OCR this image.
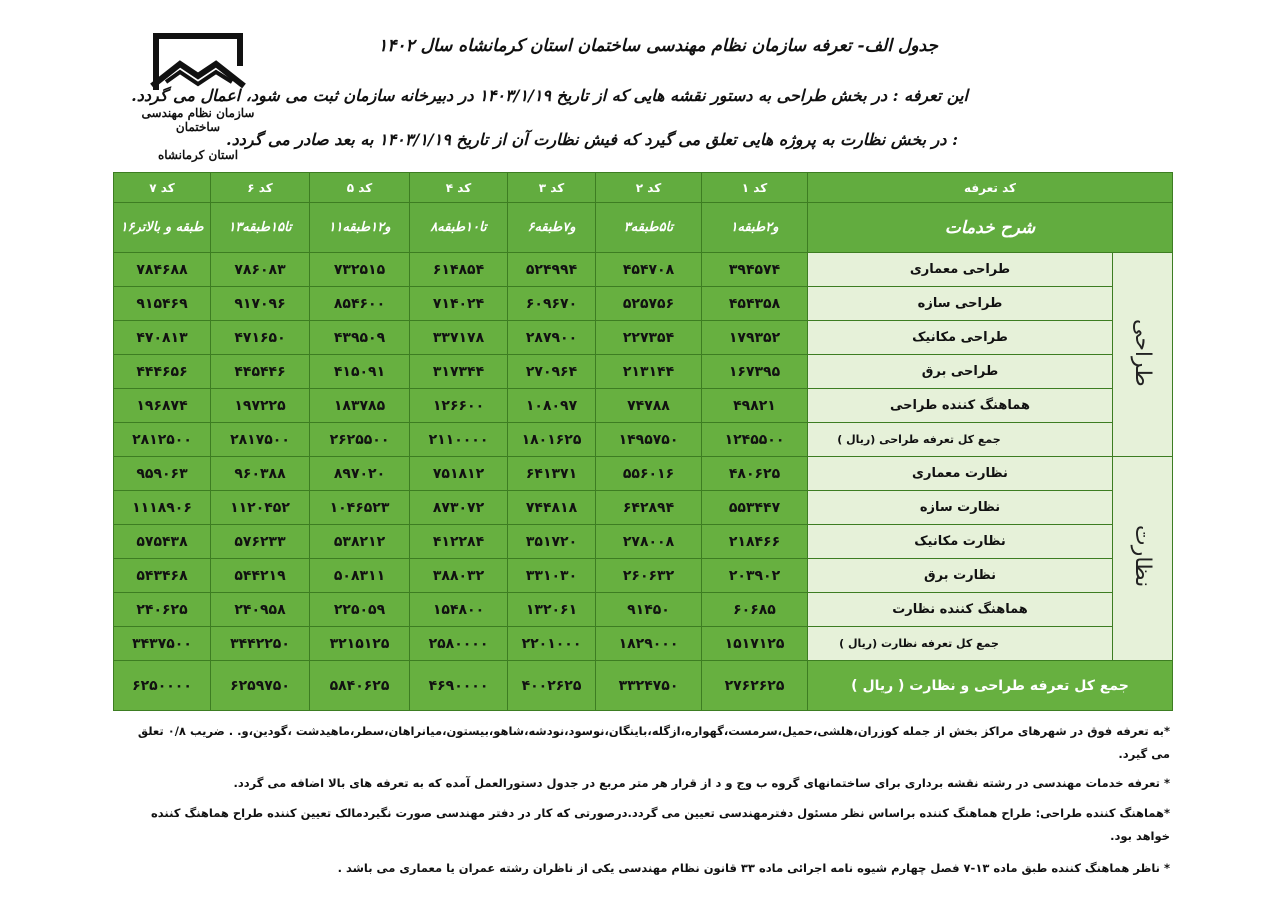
سازمان نظام مهندسی ساختمان
استان کرمانشاه
جدول الف- تعرفه سازمان نظام مهندسی ساختمان استان کرمانشاه سال ۱۴۰۲
این تعرفه : در بخش طراحی به دستور نقشه هایی که از تاریخ ۱۴۰۳/۱/۱۹ در دبیرخانه سازمان ثبت می شود، اعمال می گردد.
: در بخش نظارت به پروژه هایی تعلق می گیرد که فیش نظارت آن از تاریخ ۱۴۰۳/۱/۱۹ به بعد صادر می گردد.
کد ۷	کد ۶	کد ۵	کد ۴	کد ۳	کد ۲	کد ۱	کد تعرفه	
۱۶طبقه و بالاتر	۱۳تا۱۵طبقه	۱۱و۱۲طبقه	۸تا۱۰طبقه	۶و۷طبقه	۳تا۵طبقه	۱و۲طبقه	شرح خدمات	
۷۸۴۶۸۸	۷۸۶۰۸۳	۷۳۲۵۱۵	۶۱۴۸۵۴	۵۲۴۹۹۴	۴۵۴۷۰۸	۳۹۴۵۷۴	طراحی معماری	طراحی
۹۱۵۴۶۹	۹۱۷۰۹۶	۸۵۴۶۰۰	۷۱۴۰۲۴	۶۰۹۶۷۰	۵۲۵۷۵۶	۴۵۴۳۵۸	طراحی سازه	
۴۷۰۸۱۳	۴۷۱۶۵۰	۴۳۹۵۰۹	۳۳۷۱۷۸	۲۸۷۹۰۰	۲۲۷۳۵۴	۱۷۹۳۵۲	طراحی مکانیک	
۴۴۴۶۵۶	۴۴۵۴۴۶	۴۱۵۰۹۱	۳۱۷۳۴۴	۲۷۰۹۶۴	۲۱۳۱۴۴	۱۶۷۳۹۵	طراحی برق	
۱۹۶۸۷۴	۱۹۷۲۲۵	۱۸۳۷۸۵	۱۲۶۶۰۰	۱۰۸۰۹۷	۷۴۷۸۸	۴۹۸۲۱	هماهنگ کننده طراحی	
۲۸۱۲۵۰۰	۲۸۱۷۵۰۰	۲۶۲۵۵۰۰	۲۱۱۰۰۰۰	۱۸۰۱۶۲۵	۱۴۹۵۷۵۰	۱۲۴۵۵۰۰	جمع کل تعرفه طراحی (ریال )	
۹۵۹۰۶۳	۹۶۰۳۸۸	۸۹۷۰۲۰	۷۵۱۸۱۲	۶۴۱۳۷۱	۵۵۶۰۱۶	۴۸۰۶۲۵	نظارت معماری	نظارت
۱۱۱۸۹۰۶	۱۱۲۰۴۵۲	۱۰۴۶۵۲۳	۸۷۳۰۷۲	۷۴۴۸۱۸	۶۴۲۸۹۴	۵۵۳۴۴۷	نظارت سازه	
۵۷۵۴۳۸	۵۷۶۲۳۳	۵۳۸۲۱۲	۴۱۲۲۸۴	۳۵۱۷۲۰	۲۷۸۰۰۸	۲۱۸۴۶۶	نظارت مکانیک	
۵۴۳۴۶۸	۵۴۴۲۱۹	۵۰۸۳۱۱	۳۸۸۰۳۲	۳۳۱۰۳۰	۲۶۰۶۳۲	۲۰۳۹۰۲	نظارت برق	
۲۴۰۶۲۵	۲۴۰۹۵۸	۲۲۵۰۵۹	۱۵۴۸۰۰	۱۳۲۰۶۱	۹۱۴۵۰	۶۰۶۸۵	هماهنگ کننده نظارت	
۳۴۳۷۵۰۰	۳۴۴۲۲۵۰	۳۲۱۵۱۲۵	۲۵۸۰۰۰۰	۲۲۰۱۰۰۰	۱۸۲۹۰۰۰	۱۵۱۷۱۲۵	جمع کل تعرفه نظارت (ریال )	
۶۲۵۰۰۰۰	۶۲۵۹۷۵۰	۵۸۴۰۶۲۵	۴۶۹۰۰۰۰	۴۰۰۲۶۲۵	۳۳۲۴۷۵۰	۲۷۶۲۶۲۵	جمع کل تعرفه طراحی و نظارت ( ریال )	
*به تعرفه فوق در شهرهای مراکز بخش از جمله کوزران،هلشی،حمیل،سرمست،گهواره،ازگله،باینگان،نوسود،نودشه،شاهو،بیستون،میانراهان،سطر،ماهیدشت ،گودین،و. . ضریب ۰/۸ تعلق می گیرد.
* تعرفه خدمات مهندسی در رشته نقشه برداری برای ساختمانهای گروه ب وج و د از قرار هر متر مربع در جدول دستورالعمل آمده که به تعرفه های بالا اضافه می گردد.
*هماهنگ کننده طراحی: طراح هماهنگ کننده براساس نظر مسئول دفترمهندسی تعیین می گردد.درصورتی که کار در دفتر مهندسی صورت نگیردمالک تعیین کننده طراح هماهنگ کننده خواهد بود.
* ناظر هماهنگ کننده طبق ماده ۱۳-۷ فصل چهارم شیوه نامه اجرائی ماده ۳۳ قانون نظام مهندسی یکی از ناظران رشته عمران یا معماری می باشد .
